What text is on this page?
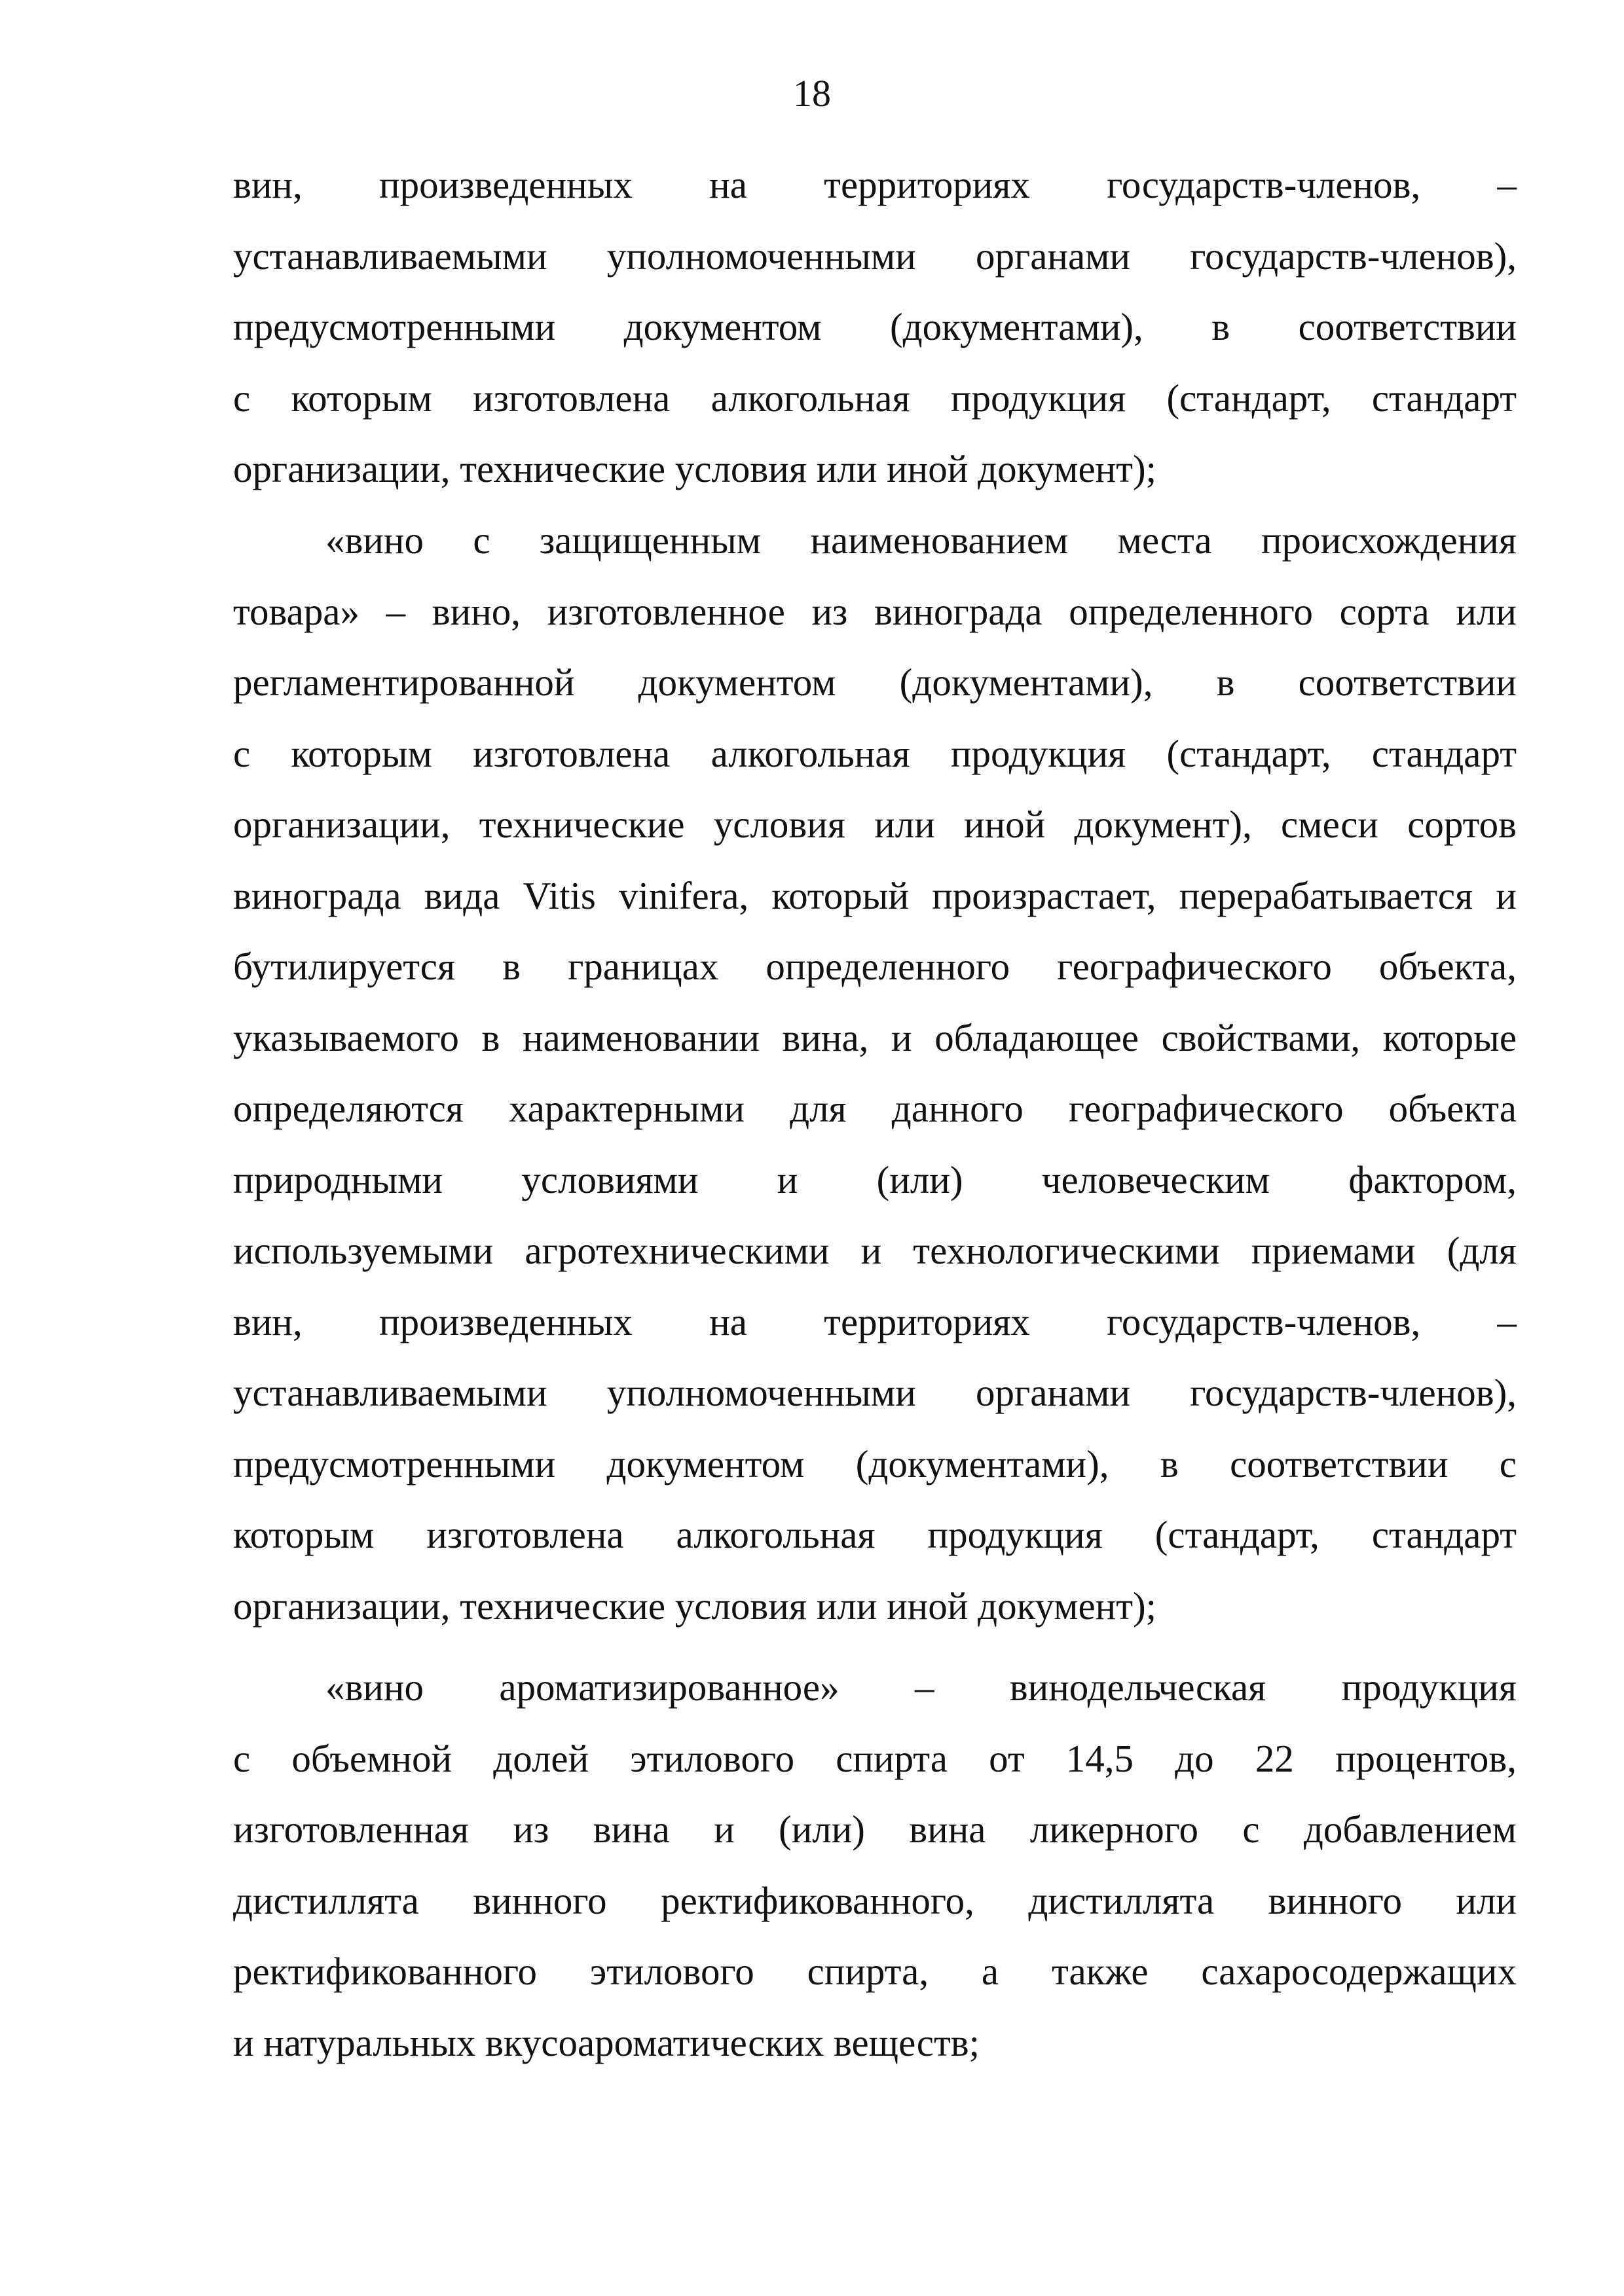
18
вин, произведенных на территориях государств-членов, –
устанавливаемыми уполномоченными органами государств-членов),
предусмотренными документом (документами), в соответствии
с которым изготовлена алкогольная продукция (стандарт, стандарт
организации, технические условия или иной документ);
«вино с защищенным наименованием места происхождения
товара» – вино, изготовленное из винограда определенного сорта или
регламентированной документом (документами), в соответствии
с которым изготовлена алкогольная продукция (стандарт, стандарт
организации, технические условия или иной документ), смеси сортов
винограда вида Vitis vinifera, который произрастает, перерабатывается и
бутилируется в границах определенного географического объекта,
указываемого в наименовании вина, и обладающее свойствами, которые
определяются характерными для данного географического объекта
природными условиями и (или) человеческим фактором,
используемыми агротехническими и технологическими приемами (для
вин, произведенных на территориях государств-членов, –
устанавливаемыми уполномоченными органами государств-членов),
предусмотренными документом (документами), в соответствии с
которым изготовлена алкогольная продукция (стандарт, стандарт
организации, технические условия или иной документ);
«вино ароматизированное» – винодельческая продукция
с объемной долей этилового спирта от 14,5 до 22 процентов,
изготовленная из вина и (или) вина ликерного с добавлением
дистиллята винного ректификованного, дистиллята винного или
ректификованного этилового спирта, а также сахаросодержащих
и натуральных вкусоароматических веществ;
